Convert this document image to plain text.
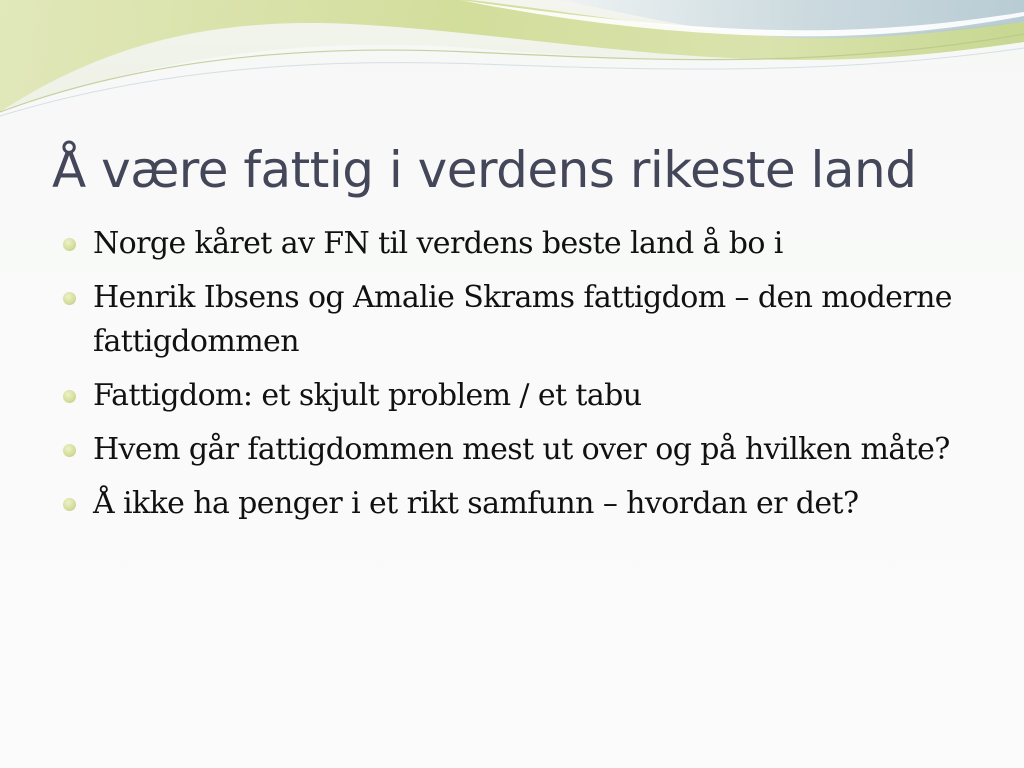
Å være fattig i verdens rikeste land
Norge kåret av FN til verdens beste land å bo i
Henrik Ibsens og Amalie Skrams fattigdom – den moderne fattigdommen
Fattigdom: et skjult problem / et tabu
Hvem går fattigdommen mest ut over og på hvilken måte?
Å ikke ha penger i et rikt samfunn – hvordan er det?
